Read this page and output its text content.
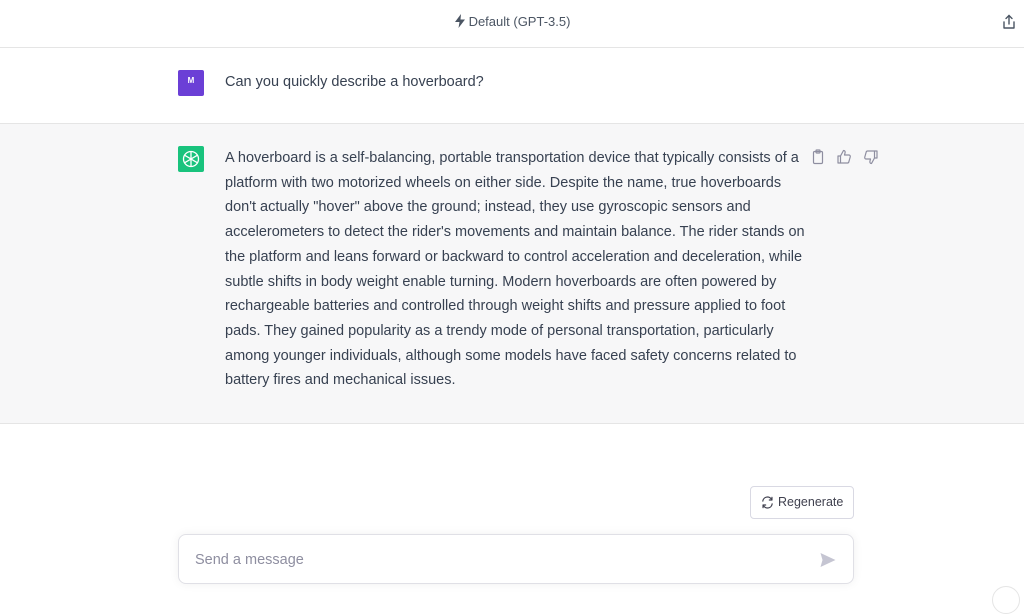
Default (GPT-3.5)
M	Can you quickly describe a hoverboard?

A hoverboard is a self-balancing, portable transportation device that typically consists of a platform with two motorized wheels on either side. Despite the name, true hoverboards don't actually "hover" above the ground; instead, they use gyroscopic sensors and accelerometers to detect the rider's movements and maintain balance. The rider stands on the platform and leans forward or backward to control acceleration and deceleration, while subtle shifts in body weight enable turning. Modern hoverboards are often powered by rechargeable batteries and controlled through weight shifts and pressure applied to foot pads. They gained popularity as a trendy mode of personal transportation, particularly among younger individuals, although some models have faced safety concerns related to battery fires and mechanical issues.

Regenerate
Send a message
